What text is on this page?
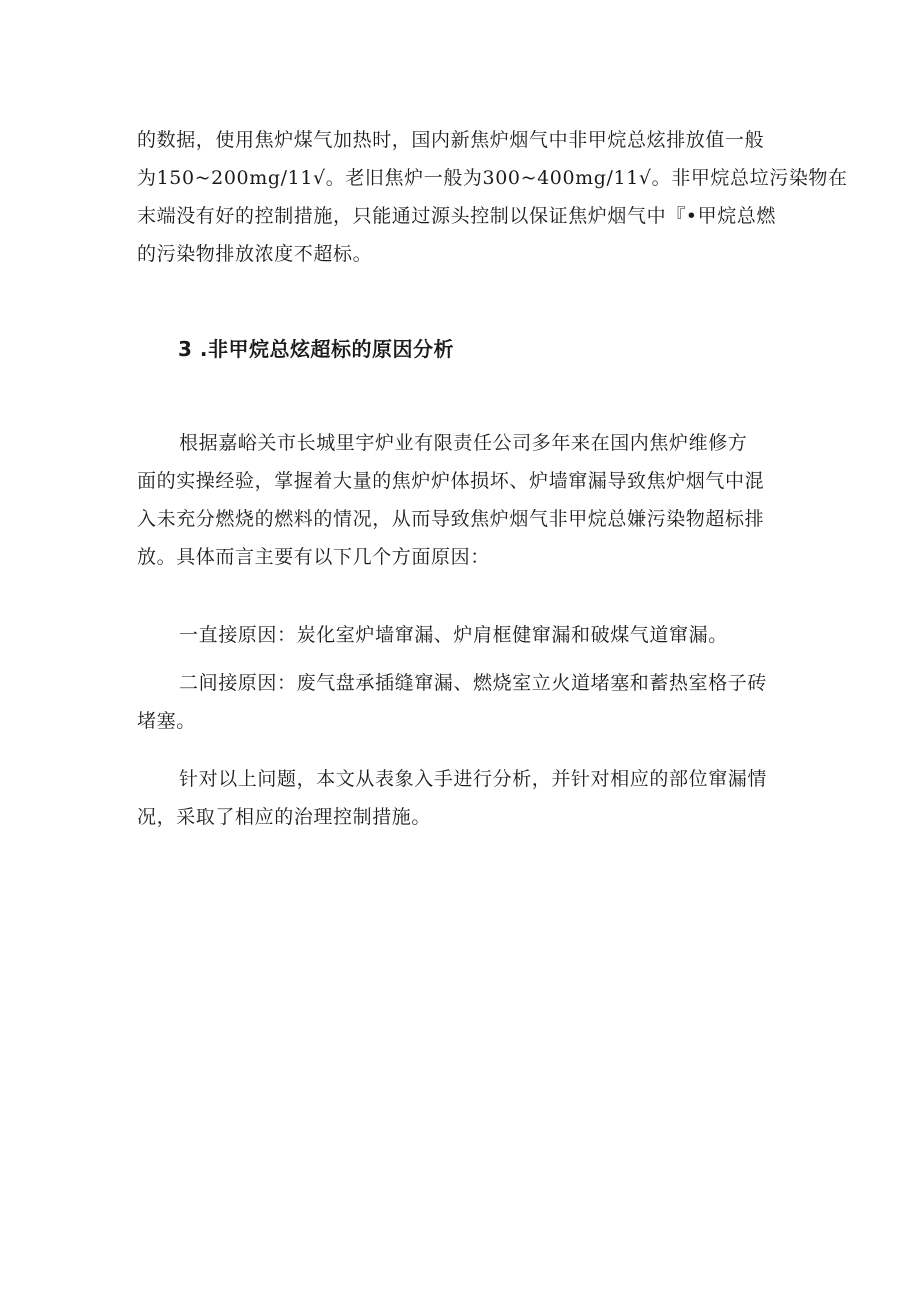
的数据，使用焦炉煤气加热时，国内新焦炉烟气中非甲烷总炫排放值一般
为150~200mg∕11√。老旧焦炉一般为300~400mg∕11√。非甲烷总垃污染物在
末端没有好的控制措施，只能通过源头控制以保证焦炉烟气中『•甲烷总燃
的污染物排放浓度不超标。
3 .非甲烷总炫超标的原因分析
根据嘉峪关市长城里宇炉业有限责任公司多年来在国内焦炉维修方
面的实操经验，掌握着大量的焦炉炉体损坏、炉墙窜漏导致焦炉烟气中混
入未充分燃烧的燃料的情况，从而导致焦炉烟气非甲烷总嫌污染物超标排
放。具体而言主要有以下几个方面原因：
一直接原因：炭化室炉墙窜漏、炉肩框健窜漏和破煤气道窜漏。
二间接原因：废气盘承插缝窜漏、燃烧室立火道堵塞和蓄热室格子砖
堵塞。
针对以上问题，本文从表象入手进行分析，并针对相应的部位窜漏情
况，采取了相应的治理控制措施。
